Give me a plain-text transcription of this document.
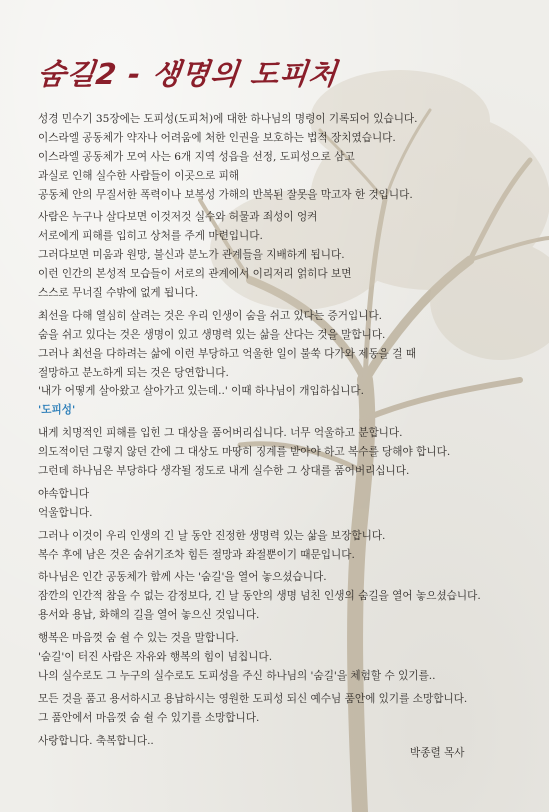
숨길2 - 생명의 도피처
성경 민수기 35장에는 도피성(도피처)에 대한 하나님의 명령이 기록되어 있습니다.
이스라엘 공동체가 약자나 어려움에 처한 인권을 보호하는 법적 장치였습니다.
이스라엘 공동체가 모여 사는 6개 지역 성읍을 선정, 도피성으로 삼고
과실로 인해 실수한 사람들이 이곳으로 피해
공동체 안의 무질서한 폭력이나 보복성 가해의 반복된 잘못을 막고자 한 것입니다.
사람은 누구나 살다보면 이것저것 실수와 허물과 죄성이 엉켜
서로에게 피해를 입히고 상처를 주게 마련입니다.
그러다보면 미움과 원망, 불신과 분노가 관계들을 지배하게 됩니다.
이런 인간의 본성적 모습들이 서로의 관계에서 이리저리 얽히다 보면
스스로 무너질 수밖에 없게 됩니다.
최선을 다해 열심히 살려는 것은 우리 인생이 숨을 쉬고 있다는 증거입니다.
숨을 쉬고 있다는 것은 생명이 있고 생명력 있는 삶을 산다는 것을 말합니다.
그러나 최선을 다하려는 삶에 이런 부당하고 억울한 일이 불쑥 다가와 제동을 걸 때
절망하고 분노하게 되는 것은 당연합니다.
'내가 어떻게 살아왔고 살아가고 있는데..' 이때 하나님이 개입하십니다.
'도피성'
내게 치명적인 피해를 입힌 그 대상을 품어버리십니다. 너무 억울하고 분합니다.
의도적이던 그렇지 않던 간에 그 대상도 마땅히 징계를 받아야 하고 복수를 당해야 합니다.
그런데 하나님은 부당하다 생각될 정도로 내게 실수한 그 상대를 품어버리십니다.
야속합니다
억울합니다.
그러나 이것이 우리 인생의 긴 날 동안 진정한 생명력 있는 삶을 보장합니다.
복수 후에 남은 것은 숨쉬기조차 힘든 절망과 좌절뿐이기 때문입니다.
하나님은 인간 공동체가 함께 사는 '숨길'을 열어 놓으셨습니다.
잠깐의 인간적 참을 수 없는 감정보다, 긴 날 동안의 생명 넘친 인생의 숨길을 열어 놓으셨습니다.
용서와 용납, 화해의 길을 열어 놓으신 것입니다.
행복은 마음껏 숨 쉴 수 있는 것을 말합니다.
'숨길'이 터진 사람은 자유와 행복의 힘이 넘칩니다.
나의 실수로도 그 누구의 실수로도 도피성을 주신 하나님의 '숨길'을 체험할 수 있기를..
모든 것을 품고 용서하시고 용납하시는 영원한 도피성 되신 예수님 품안에 있기를 소망합니다.
그 품안에서 마음껏 숨 쉴 수 있기를 소망합니다.
사랑합니다. 축복합니다..
박종렬 목사
